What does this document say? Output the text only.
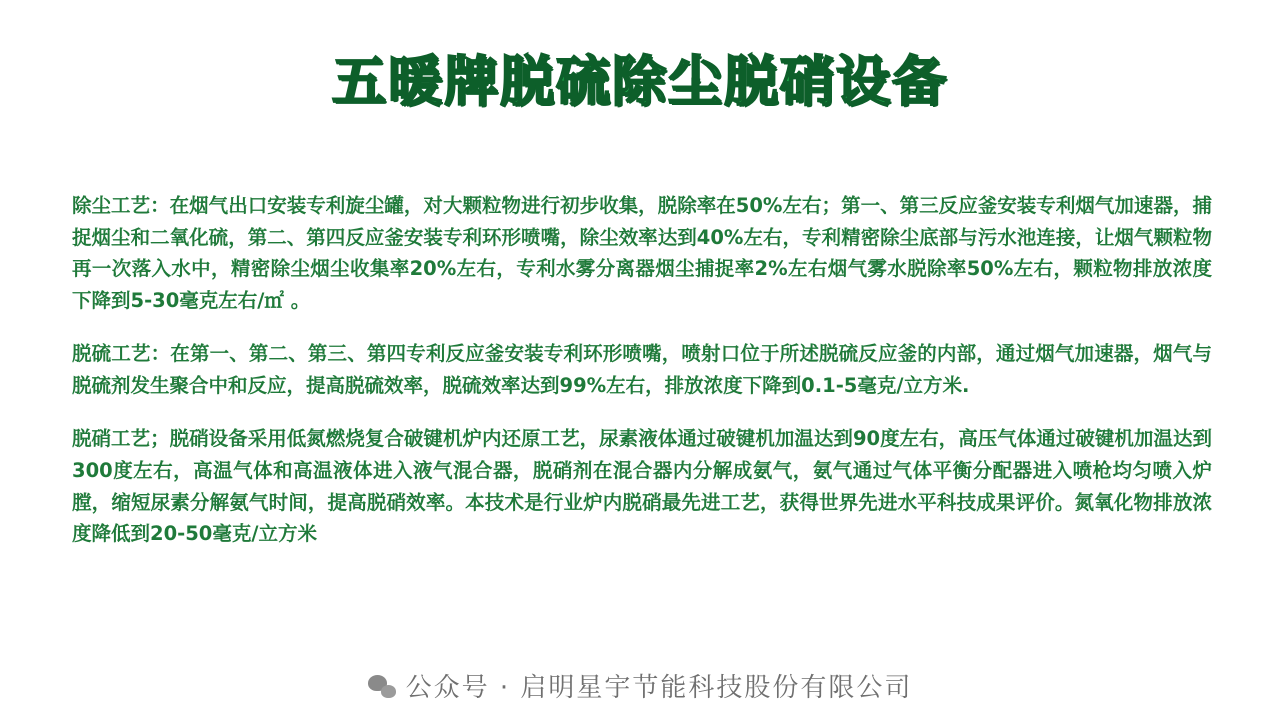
五暖牌脱硫除尘脱硝设备

除尘工艺：在烟气出口安装专利旋尘罐，对大颗粒物进行初步收集，脱除率在50%左右；第一、第三反应釜安装专利烟气加速器，捕捉烟尘和二氧化硫，第二、第四反应釜安装专利环形喷嘴，除尘效率达到40%左右，专利精密除尘底部与污水池连接，让烟气颗粒物再一次落入水中，精密除尘烟尘收集率20%左右，专利水雾分离器烟尘捕捉率2%左右烟气雾水脱除率50%左右，颗粒物排放浓度下降到5-30毫克左右/㎡ 。

脱硫工艺：在第一、第二、第三、第四专利反应釜安装专利环形喷嘴，喷射口位于所述脱硫反应釜的内部，通过烟气加速器，烟气与脱硫剂发生聚合中和反应，提高脱硫效率，脱硫效率达到99%左右，排放浓度下降到0.1-5毫克/立方米.

脱硝工艺；脱硝设备采用低氮燃烧复合破键机炉内还原工艺，尿素液体通过破键机加温达到90度左右，高压气体通过破键机加温达到300度左右，高温气体和高温液体进入液气混合器，脱硝剂在混合器内分解成氨气，氨气通过气体平衡分配器进入喷枪均匀喷入炉膛，缩短尿素分解氨气时间，提高脱硝效率。本技术是行业炉内脱硝最先进工艺，获得世界先进水平科技成果评价。氮氧化物排放浓度降低到20-50毫克/立方米

公众号 · 启明星宇节能科技股份有限公司
